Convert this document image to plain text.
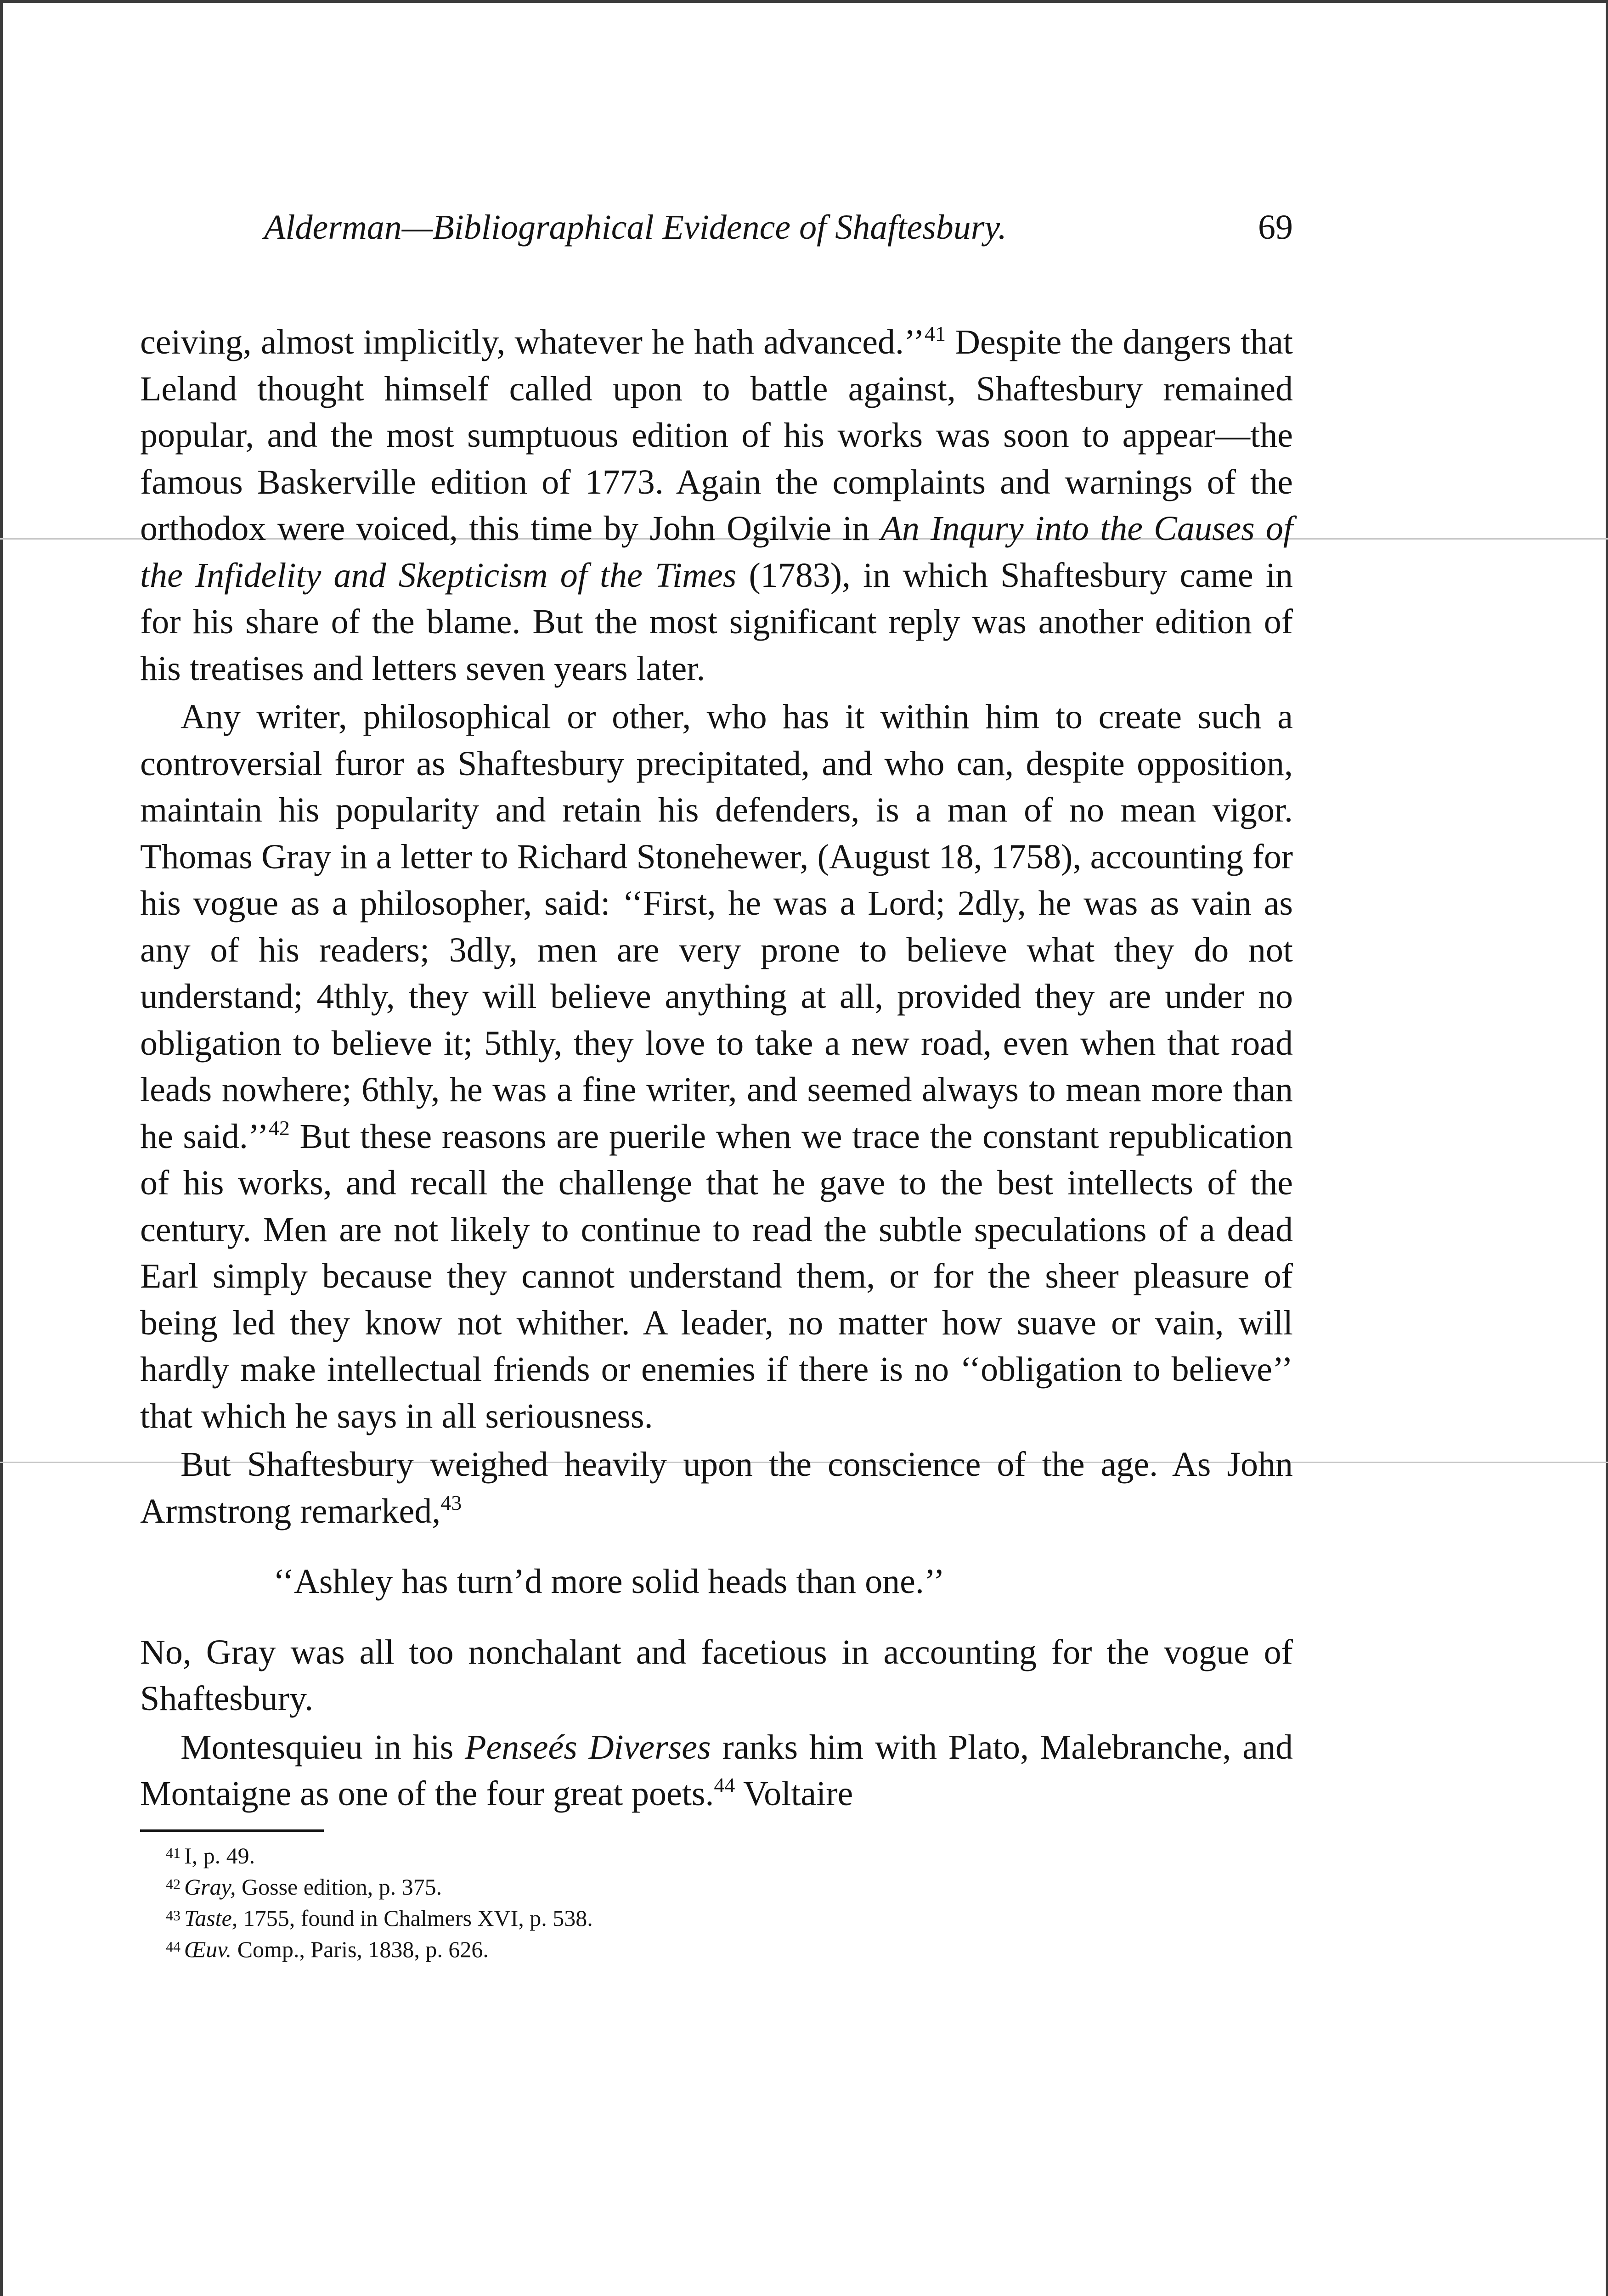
Alderman—Bibliographical Evidence of Shaftesbury.	69

ceiving, almost implicitly, whatever he hath advanced.’’$^{41}$ Despite the dangers that Leland thought himself called upon to battle against, Shaftesbury remained popular, and the most sumptuous edition of his works was soon to appear—the famous Baskerville edition of 1773. Again the complaints and warnings of the orthodox were voiced, this time by John Ogilvie in An Inqury into the Causes of the Infidelity and Skepticism of the Times (1783), in which Shaftesbury came in for his share of the blame. But the most significant reply was another edition of his treatises and letters seven years later.

Any writer, philosophical or other, who has it within him to create such a controversial furor as Shaftesbury precipitated, and who can, despite opposition, maintain his popularity and retain his defenders, is a man of no mean vigor. Thomas Gray in a letter to Richard Stonehewer, (August 18, 1758), accounting for his vogue as a philosopher, said: ‘‘First, he was a Lord; 2dly, he was as vain as any of his readers; 3dly, men are very prone to believe what they do not understand; 4thly, they will believe anything at all, provided they are under no obligation to believe it; 5thly, they love to take a new road, even when that road leads nowhere; 6thly, he was a fine writer, and seemed always to mean more than he said.’’$^{42}$ But these reasons are puerile when we trace the constant republication of his works, and recall the challenge that he gave to the best intellects of the century. Men are not likely to continue to read the subtle speculations of a dead Earl simply because they cannot understand them, or for the sheer pleasure of being led they know not whither. A leader, no matter how suave or vain, will hardly make intellectual friends or enemies if there is no ‘‘obligation to believe’’ that which he says in all seriousness.

But Shaftesbury weighed heavily upon the conscience of the age. As John Armstrong remarked,$^{43}$

‘‘Ashley has turn’d more solid heads than one.’’

No, Gray was all too nonchalant and facetious in accounting for the vogue of Shaftesbury.

Montesquieu in his Penseés Diverses ranks him with Plato, Malebranche, and Montaigne as one of the four great poets.$^{44}$ Voltaire

41 I, p. 49.
42 Gray, Gosse edition, p. 375.
43 Taste, 1755, found in Chalmers XVI, p. 538.
44 Œuv. Comp., Paris, 1838, p. 626.
